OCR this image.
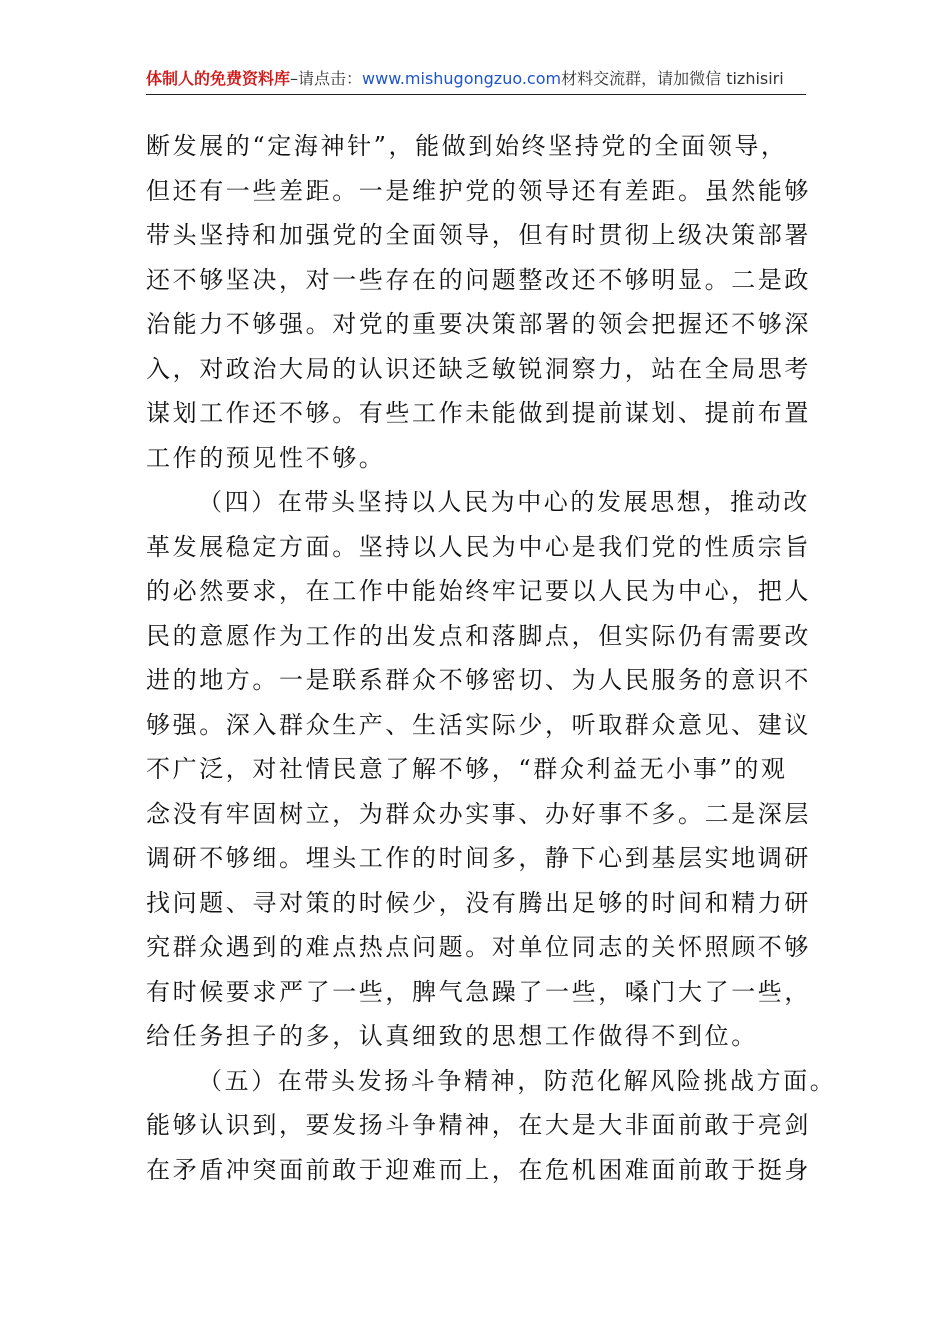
体制人的免费资料库–请点击：www.mishugongzuo.com材料交流群，请加微信 tizhisiri
断发展的“定海神针”，能做到始终坚持党的全面领导，
但还有一些差距。一是维护党的领导还有差距。虽然能够
带头坚持和加强党的全面领导，但有时贯彻上级决策部署
还不够坚决，对一些存在的问题整改还不够明显。二是政
治能力不够强。对党的重要决策部署的领会把握还不够深
入，对政治大局的认识还缺乏敏锐洞察力，站在全局思考
谋划工作还不够。有些工作未能做到提前谋划、提前布置
工作的预见性不够。
（四）在带头坚持以人民为中心的发展思想，推动改
革发展稳定方面。坚持以人民为中心是我们党的性质宗旨
的必然要求，在工作中能始终牢记要以人民为中心，把人
民的意愿作为工作的出发点和落脚点，但实际仍有需要改
进的地方。一是联系群众不够密切、为人民服务的意识不
够强。深入群众生产、生活实际少，听取群众意见、建议
不广泛，对社情民意了解不够，“群众利益无小事”的观
念没有牢固树立，为群众办实事、办好事不多。二是深层
调研不够细。埋头工作的时间多，静下心到基层实地调研
找问题、寻对策的时候少，没有腾出足够的时间和精力研
究群众遇到的难点热点问题。对单位同志的关怀照顾不够
有时候要求严了一些，脾气急躁了一些，嗓门大了一些，
给任务担子的多，认真细致的思想工作做得不到位。
（五）在带头发扬斗争精神，防范化解风险挑战方面。
能够认识到，要发扬斗争精神，在大是大非面前敢于亮剑
在矛盾冲突面前敢于迎难而上，在危机困难面前敢于挺身
